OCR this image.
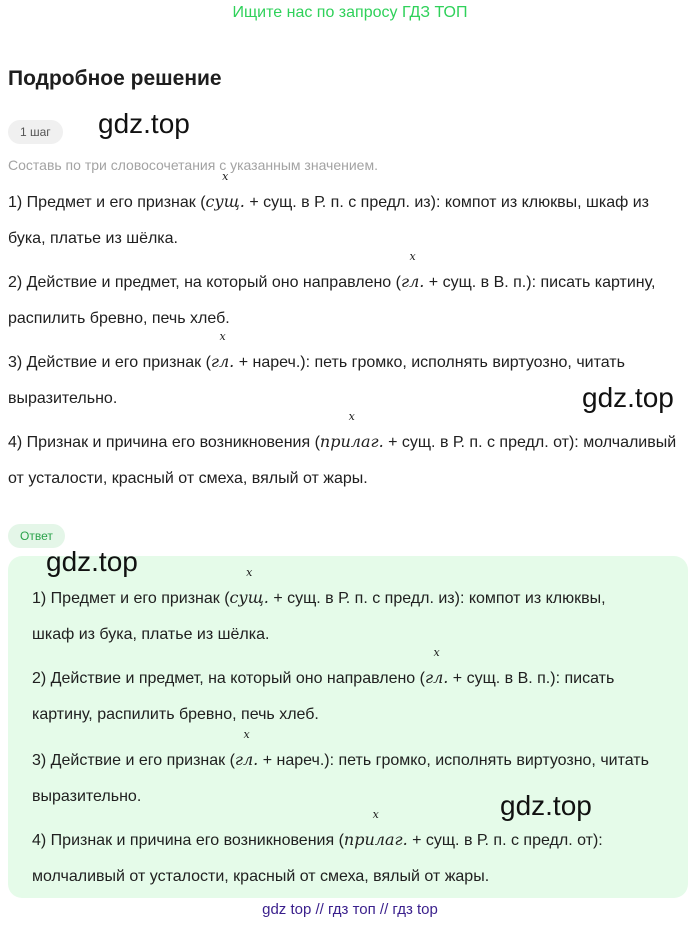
Ищите нас по запросу ГДЗ ТОП
Подробное решение
1 шаг	gdz.top
Составь по три словосочетания с указанным значением.
1) Предмет и его признак (
x
сущ. + сущ. в Р. п. с предл. из): компот из клюквы, шкаф из бука, платье из шёлка.
2) Действие и предмет, на который оно направлено (
x
гл. + сущ. в В. п.): писать картину, распилить бревно, печь хлеб.
3) Действие и его признак (
x
гл. + нареч.): петь громко, исполнять виртуозно, читать выразительно.	gdz.top
4) Признак и причина его возникновения (
x
прилаг. + сущ. в Р. п. с предл. от): молчаливый от усталости, красный от смеха, вялый от жары.
Ответ
gdz.top
1) Предмет и его признак (
x
сущ. + сущ. в Р. п. с предл. из): компот из клюквы, шкаф из бука, платье из шёлка.
2) Действие и предмет, на который оно направлено (
x
гл. + сущ. в В. п.): писать картину, распилить бревно, печь хлеб.
3) Действие и его признак (
x
гл. + нареч.): петь громко, исполнять виртуозно, читать выразительно.	gdz.top
4) Признак и причина его возникновения (
x
прилаг. + сущ. в Р. п. с предл. от): молчаливый от усталости, красный от смеха, вялый от жары.
gdz top // гдз топ // гдз top
